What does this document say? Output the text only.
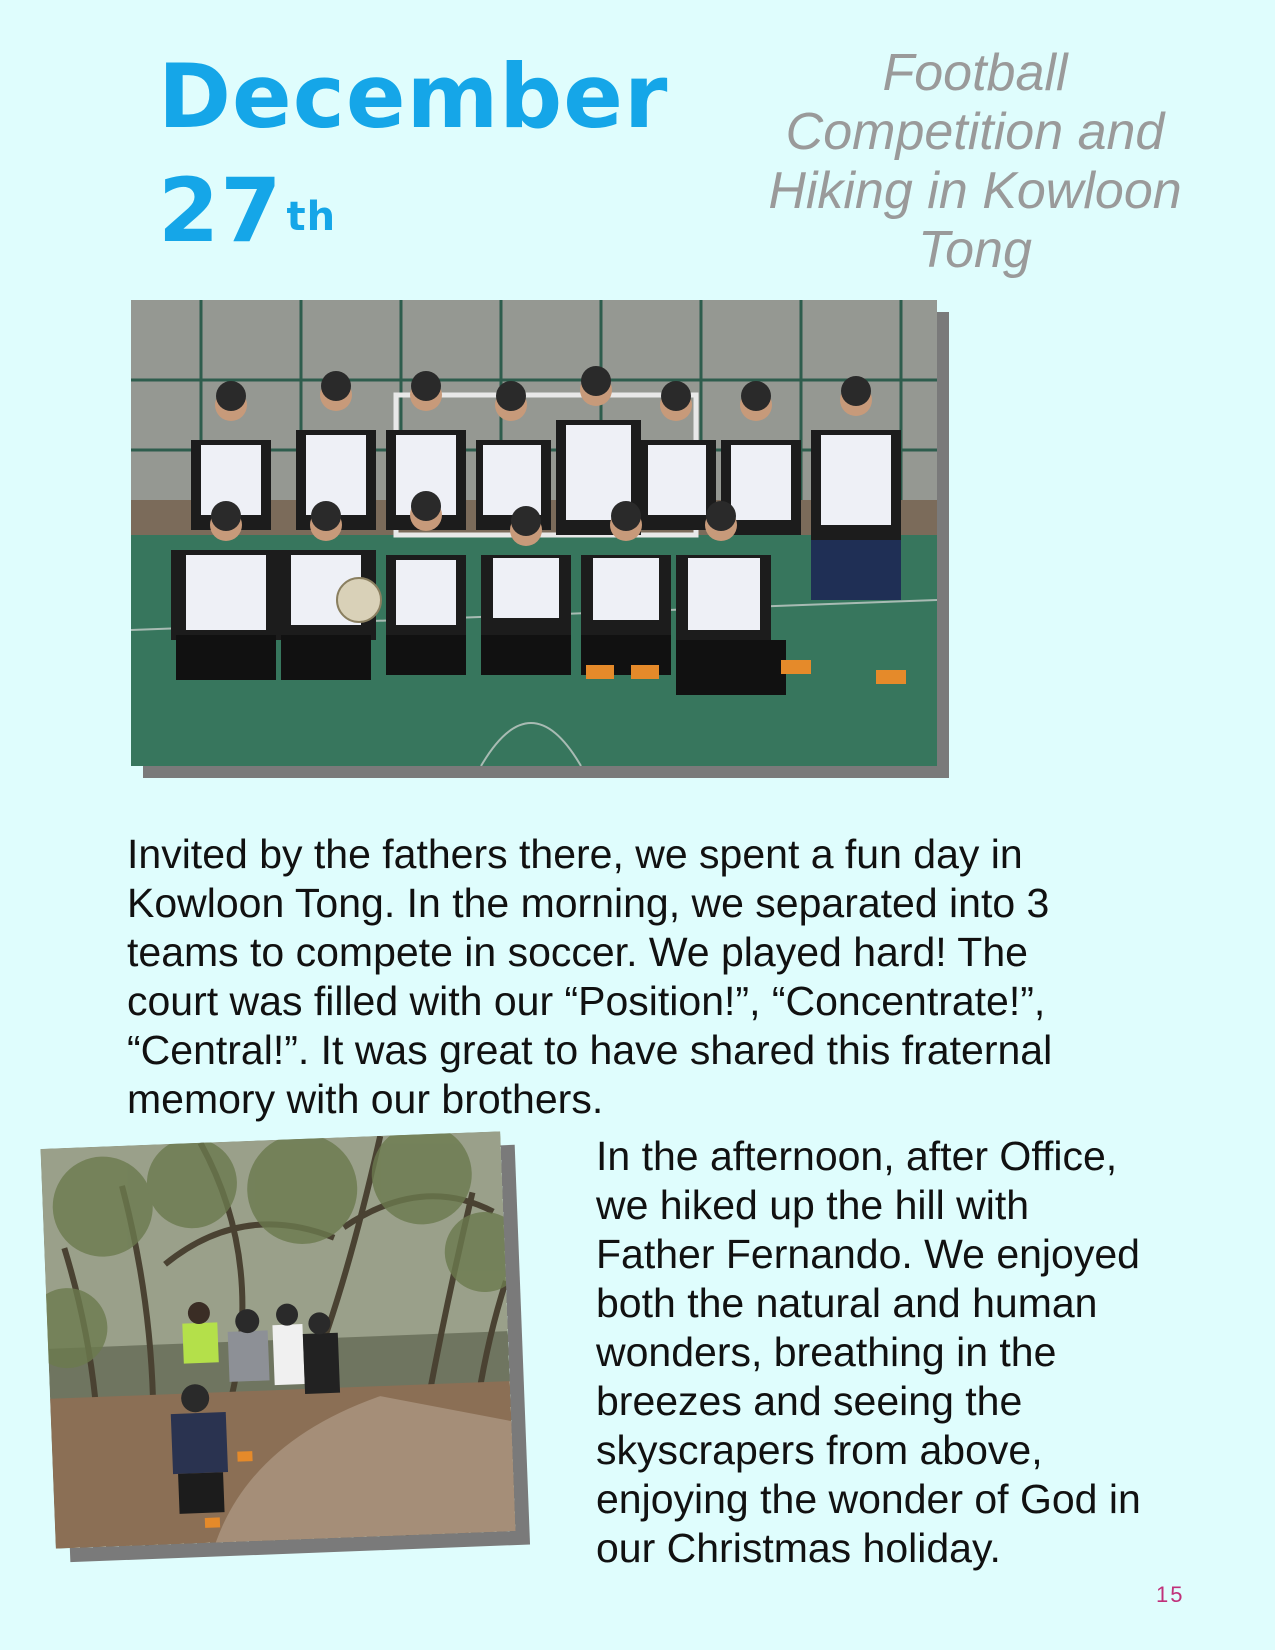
December
27 $^{th}$
Football Competition and Hiking in Kowloon Tong

Invited by the fathers there, we spent a fun day in Kowloon Tong. In the morning, we separated into 3 teams to compete in soccer. We played hard! The court was filled with our “Position!”, “Concentrate!”, “Central!”. It was great to have shared this fraternal memory with our brothers.

In the afternoon, after Office, we hiked up the hill with Father Fernando. We enjoyed both the natural and human wonders, breathing in the breezes and seeing the skyscrapers from above, enjoying the wonder of God in our Christmas holiday.

15
